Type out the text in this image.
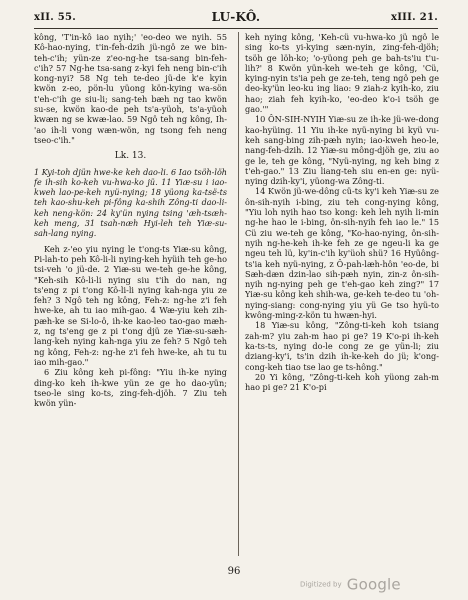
xII. 55.	LU-KÔ.	xIII. 21.

kông, 'T'in-kô iao nyih;' 'eo-deo we nyih. 55 Kô-hao-nying, t'in-feh-dzih jü-ngô ze we bin-teh-c'ih; yün-ze z'eo-ng-he tsa-sang bin-feh-c'ih? 57 Ng-he tsa-sang z-kyi feh neng bin-c'ih kong-nyi? 58 Ng teh te-deo jü-de k'e kyin kwön z-eo, pön-lu yüong kön-kying wa-sön t'eh-c'ih ge siu-li; sang-teh bæh ng tao kwön su-se, kwön kao-de peh ts'a-yüoh, ts'a-yüoh kwæn ng se kwæ-lao. 59 Ngô teh ng kông, Ih-'ao ih-li vong wæn-wön, ng tsong feh neng tseo-c'ih."

Lk. 13.

1 Kyi-toh djün hwe-ke keh dao-li. 6 Iao tsöh-löh fe ih-sih ko-keh vu-hwa-ko jü. 11 Yiæ-su i iao-kweh lao-pe-keh nyü-nying; 18 yüong ka-tsë-ts teh kao-shu-keh pi-fông ka-shih Zông-ti dao-li-keh neng-kön: 24 ky'ün nying tsing 'æh-tsæh-keh meng, 31 tsah-næh Hyi-leh teh Yiæ-su-sah-lang nying.

Keh z-'eo yiu nying le t'ong-ts Yiæ-su kông, Pi-lah-to peh Kô-li-li nying-keh hyüih teh ge-ho tsi-veh 'o jü-de. 2 Yiæ-su we-teh ge-he kông, "Keh-sih Kô-li-li nying siu t'ih do nan, ng ts'eng z pi t'ong Kô-li-li nying kah-nga yiu ze feh? 3 Ngô teh ng kông, Feh-z: ng-he z'i feh hwe-ke, ah tu iao mih-gao. 4 Wæ-yiu keh zih-pæh-ke se Si-lo-ô, ih-ke kao-leo tao-gao mæh-z, ng ts'eng ge z pi t'ong djü ze Yiæ-su-sæh-lang-keh nying kah-nga yiu ze feh? 5 Ngô teh ng kông, Feh-z: ng-he z'i feh hwe-ke, ah tu tu iao mih-gao."

6 Ziu kông keh pi-fông: "Yiu ih-ke nying ding-ko keh ih-kwe yün ze ge ho dao-yün; tseo-le sing ko-ts, zing-feh-djöh. 7 Ziu teh kwön yün-

keh nying kông, 'Keh-cü vu-hwa-ko jü ngô le sing ko-ts yi-kying sæn-nyin, zing-feh-djöh; tsöh ge löh-ko; 'o-yüong peh ge bah-ts'iu t'u-lih?' 8 Kwön yün-keh we-teh ge kông, 'Cü, kying-nyin ts'ia peh ge ze-teh, teng ngô peh ge deo-ky'ün leo-ku ing liao: 9 ziah-z kyih-ko, ziu hao; ziah feh kyih-ko, 'eo-deo k'o-i tsöh ge gao.'"

10 ÔN-SIH-NYIH Yiæ-su ze ih-ke jü-we-dong kao-hyüing. 11 Yiu ih-ke nyü-nying bi kyü vu-keh sang-bing zih-pæh nyin; iao-kweh heo-le, nang-feh-dzih. 12 Yiæ-su mông-djöh ge, ziu ao ge le, teh ge kông, "Nyü-nying, ng keh bing z t'eh-gao." 13 Ziu liang-teh siu en-en ge: nyü-nying dzih-ky'i, yüong-wa Zông-ti.

14 Kwön jü-we-dông cü-ts ky'i keh Yiæ-su ze ôn-sih-nyih i-bing, ziu teh cong-nying kông, "Yiu loh nyih hao tso kong: keh leh nyih li-min ng-he hao le i-bing, ôn-sih-nyih feh iao le." 15 Cü ziu we-teh ge kông, "Ko-hao-nying, ôn-sih-nyih ng-he-keh ih-ke feh ze ge ngeu-li ka ge ngeu teh lü, ky'in-c'ih ky'üoh shü? 16 Hyüông-ts'ia keh nyü-nying, z Ô-pah-læh-hôn 'eo-de, bi Sæh-dæn dzin-lao sih-pæh nyin, zin-z ôn-sih-nyih ng-nying peh ge t'eh-gao keh zing?" 17 Yiæ-su kông keh shih-wa, ge-keh te-deo tu 'oh-nying-siang: cong-nying yiu yü Ge tso hyü-to kwông-ming-z-kön tu hwæn-hyi.

18 Yiæ-su kông, "Zông-ti-keh koh tsiang zah-m? yiu zah-m hao pi ge? 19 K'o-pi ih-keh ka-ts-ts, nying do-le cong ze ge yün-li; ziu dziang-ky'i, ts'in dzih ih-ke-keh do jü; k'ong-cong-keh tiao tse lao ge ts-hông."

20 Yi kông, "Zông-ti-keh koh yüong zah-m hao pi ge? 21 K'o-pi

96
Digitized by Google
